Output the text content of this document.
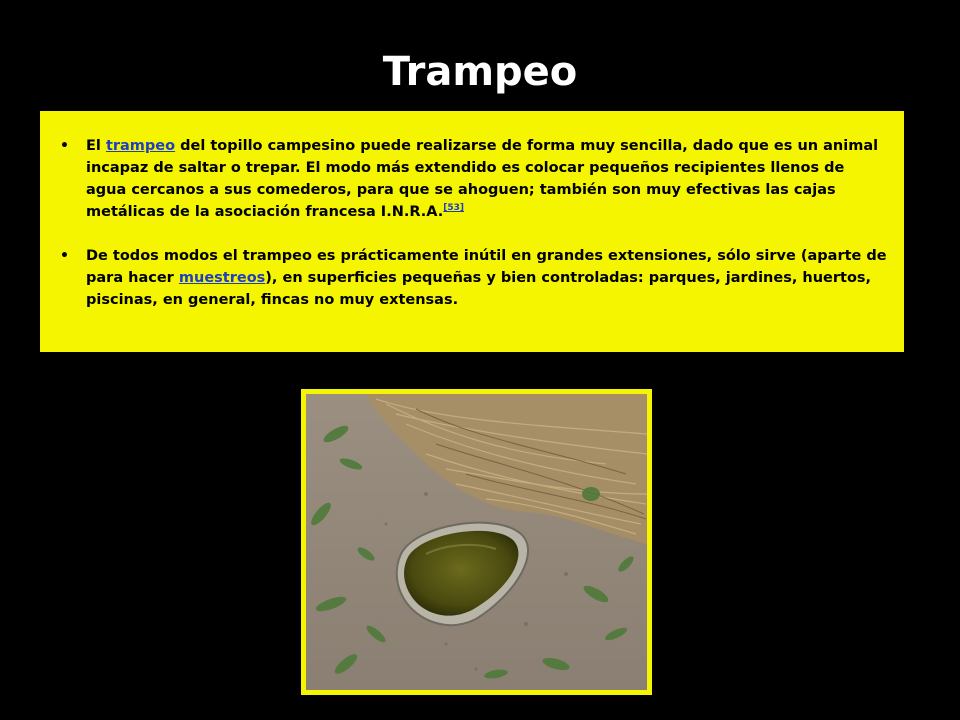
Trampeo
• El trampeo del topillo campesino puede realizarse de forma muy sencilla, dado que es un animal incapaz de saltar o trepar. El modo más extendido es colocar pequeños recipientes llenos de agua cercanos a sus comederos, para que se ahoguen; también son muy efectivas las cajas metálicas de la asociación francesa I.N.R.A.[53]
• De todos modos el trampeo es prácticamente inútil en grandes extensiones, sólo sirve (aparte de para hacer muestreos), en superficies pequeñas y bien controladas: parques, jardines, huertos, piscinas, en general, fincas no muy extensas.
